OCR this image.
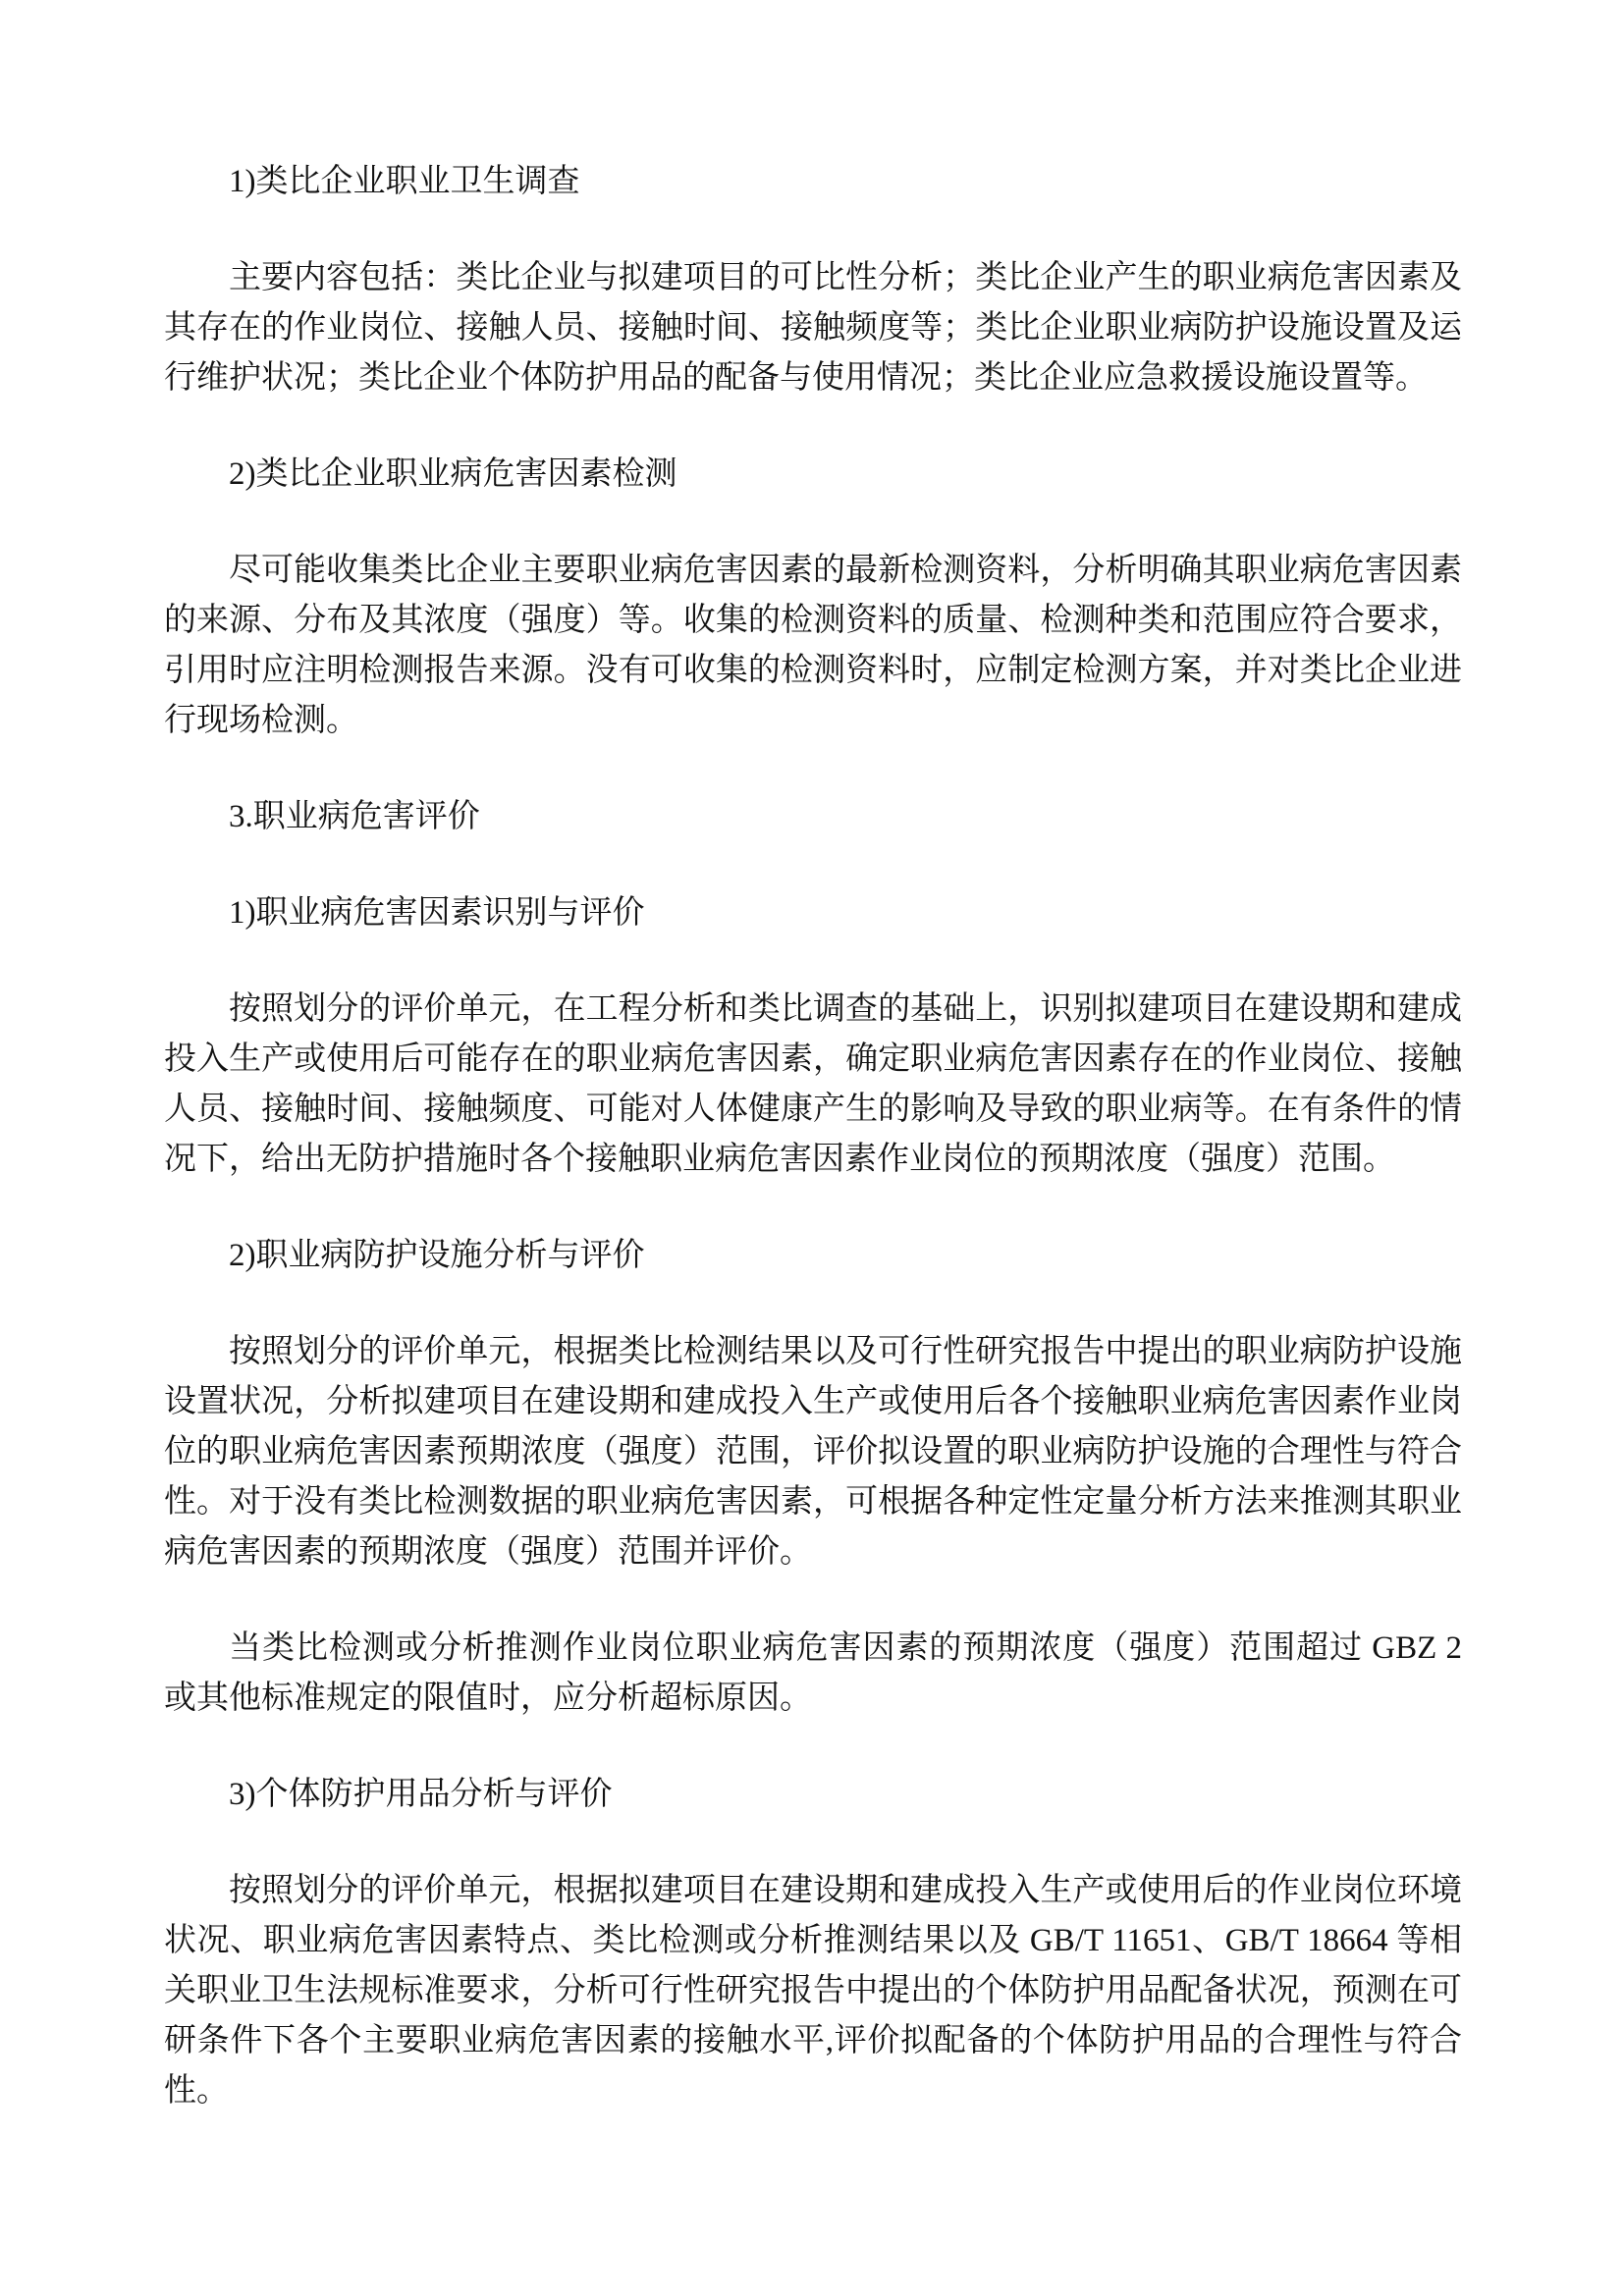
1)类比企业职业卫生调查

主要内容包括：类比企业与拟建项目的可比性分析；类比企业产生的职业病危害因素及其存在的作业岗位、接触人员、接触时间、接触频度等；类比企业职业病防护设施设置及运行维护状况；类比企业个体防护用品的配备与使用情况；类比企业应急救援设施设置等。

2)类比企业职业病危害因素检测

尽可能收集类比企业主要职业病危害因素的最新检测资料，分析明确其职业病危害因素的来源、分布及其浓度（强度）等。收集的检测资料的质量、检测种类和范围应符合要求，引用时应注明检测报告来源。没有可收集的检测资料时，应制定检测方案，并对类比企业进行现场检测。

3.职业病危害评价

1)职业病危害因素识别与评价

按照划分的评价单元，在工程分析和类比调查的基础上，识别拟建项目在建设期和建成投入生产或使用后可能存在的职业病危害因素，确定职业病危害因素存在的作业岗位、接触人员、接触时间、接触频度、可能对人体健康产生的影响及导致的职业病等。在有条件的情况下，给出无防护措施时各个接触职业病危害因素作业岗位的预期浓度（强度）范围。

2)职业病防护设施分析与评价

按照划分的评价单元，根据类比检测结果以及可行性研究报告中提出的职业病防护设施设置状况，分析拟建项目在建设期和建成投入生产或使用后各个接触职业病危害因素作业岗位的职业病危害因素预期浓度（强度）范围，评价拟设置的职业病防护设施的合理性与符合性。对于没有类比检测数据的职业病危害因素，可根据各种定性定量分析方法来推测其职业病危害因素的预期浓度（强度）范围并评价。

当类比检测或分析推测作业岗位职业病危害因素的预期浓度（强度）范围超过 GBZ 2 或其他标准规定的限值时，应分析超标原因。

3)个体防护用品分析与评价

按照划分的评价单元，根据拟建项目在建设期和建成投入生产或使用后的作业岗位环境状况、职业病危害因素特点、类比检测或分析推测结果以及 GB/T 11651、GB/T 18664 等相关职业卫生法规标准要求，分析可行性研究报告中提出的个体防护用品配备状况，预测在可研条件下各个主要职业病危害因素的接触水平,评价拟配备的个体防护用品的合理性与符合性。
